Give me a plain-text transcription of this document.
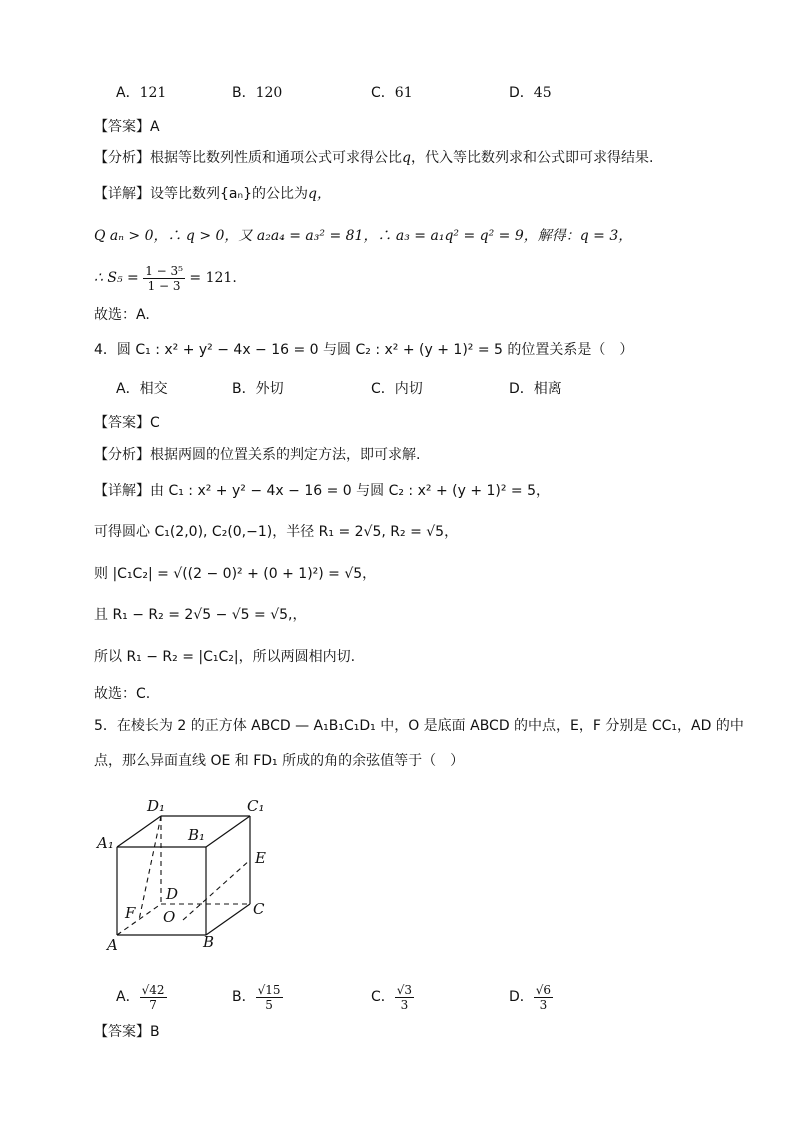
A．121	B．120	C．61	D．45
【答案】A
【分析】根据等比数列性质和通项公式可求得公比q，代入等比数列求和公式即可求得结果.
【详解】设等比数列{aₙ}的公比为q，
Q aₙ > 0，∴ q > 0，又 a₂a₄ = a₃² = 81，∴ a₃ = a₁q² = q² = 9，解得：q = 3，
∴ $S_5 = \frac{\text{1 − 3⁵}}{1 - 3} = 121$.
故选：A.
4．圆 C₁ : x² + y² − 4x − 16 = 0 与圆 C₂ : x² + (y + 1)² = 5 的位置关系是（　）
A．相交	B．外切	C．内切	D．相离
【答案】C
【分析】根据两圆的位置关系的判定方法，即可求解.
【详解】由 C₁ : x² + y² − 4x − 16 = 0 与圆 C₂ : x² + (y + 1)² = 5，
可得圆心 C₁(2,0), C₂(0,−1)，半径 R₁ = 2√5, R₂ = √5，
则 |C₁C₂| = √((2 − 0)² + (0 + 1)²) = √5，
且 R₁ − R₂ = 2√5 − √5 = √5,，
所以 R₁ − R₂ = |C₁C₂|，所以两圆相内切.
故选：C.
5．在棱长为 2 的正方体 ABCD — A₁B₁C₁D₁ 中，O 是底面 ABCD 的中点，E，F 分别是 CC₁，AD 的中
点，那么异面直线 OE 和 FD₁ 所成的角的余弦值等于（　）
D₁	C₁
B₁
A₁
E
D
F O	C
A	B
A． $\frac{√42}{7}$	B． $\frac{√15}{5}$	C． $\frac{√3}{3}$	D． $\frac{√6}{3}$
【答案】B
